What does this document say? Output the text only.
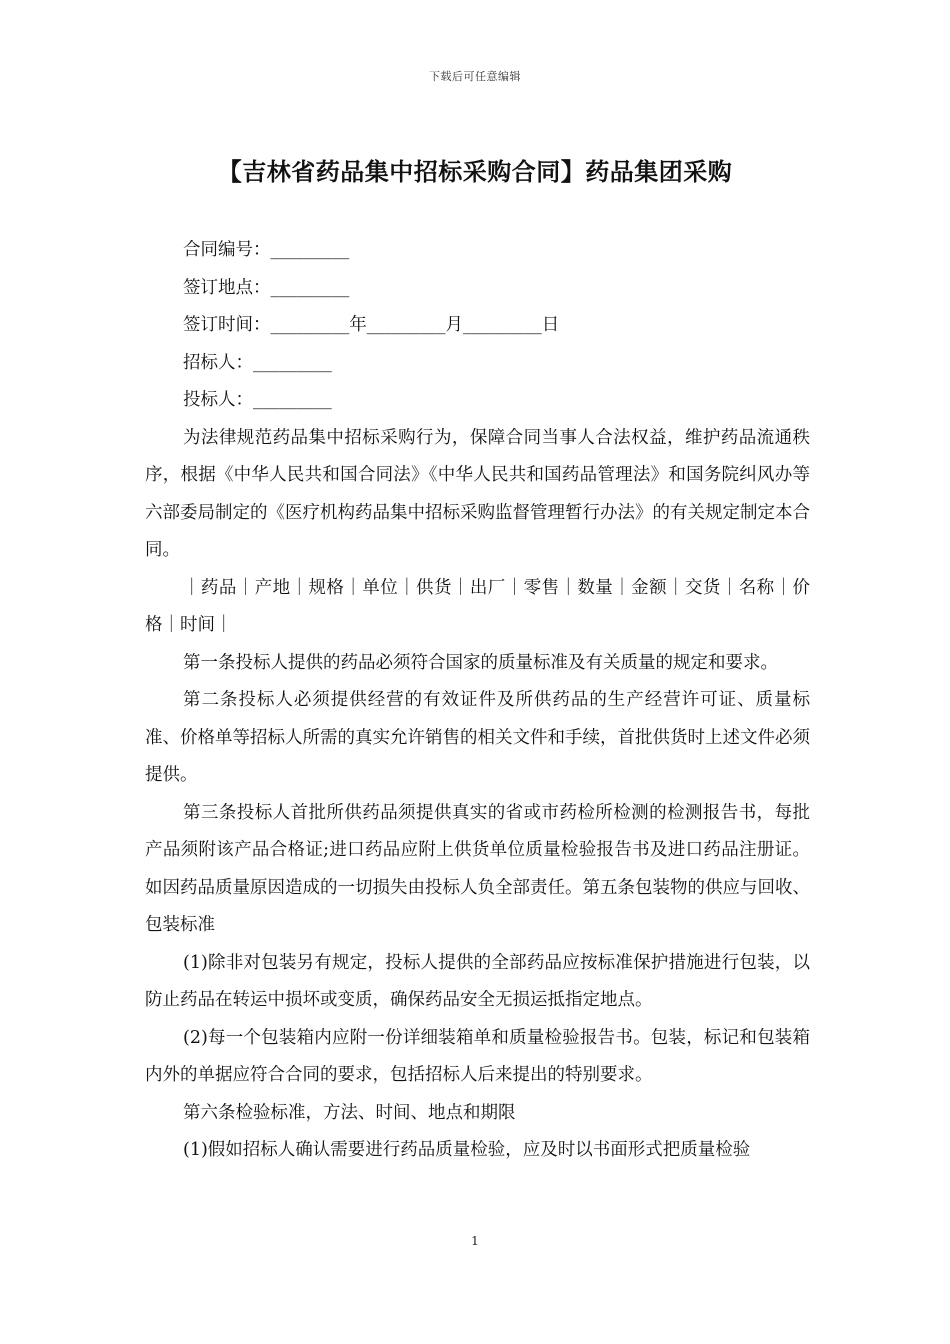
下载后可任意编辑
【吉林省药品集中招标采购合同】药品集团采购

合同编号：_________

签订地点：_________

签订时间：_________年_________月_________日

招标人：_________

投标人：_________

为法律规范药品集中招标采购行为，保障合同当事人合法权益，维护药品流通秩序，根据《中华人民共和国合同法》《中华人民共和国药品管理法》和国务院纠风办等六部委局制定的《医疗机构药品集中招标采购监督管理暂行办法》的有关规定制定本合同。

｜药品｜产地｜规格｜单位｜供货｜出厂｜零售｜数量｜金额｜交货｜名称｜价格｜时间｜

第一条投标人提供的药品必须符合国家的质量标准及有关质量的规定和要求。

第二条投标人必须提供经营的有效证件及所供药品的生产经营许可证、质量标准、价格单等招标人所需的真实允许销售的相关文件和手续，首批供货时上述文件必须提供。

第三条投标人首批所供药品须提供真实的省或市药检所检测的检测报告书，每批产品须附该产品合格证;进口药品应附上供货单位质量检验报告书及进口药品注册证。如因药品质量原因造成的一切损失由投标人负全部责任。第五条包装物的供应与回收、包装标准

(1)除非对包装另有规定，投标人提供的全部药品应按标准保护措施进行包装，以防止药品在转运中损坏或变质，确保药品安全无损运抵指定地点。

(2)每一个包装箱内应附一份详细装箱单和质量检验报告书。包装，标记和包装箱内外的单据应符合合同的要求，包括招标人后来提出的特别要求。

第六条检验标准，方法、时间、地点和期限

(1)假如招标人确认需要进行药品质量检验，应及时以书面形式把质量检验

1
